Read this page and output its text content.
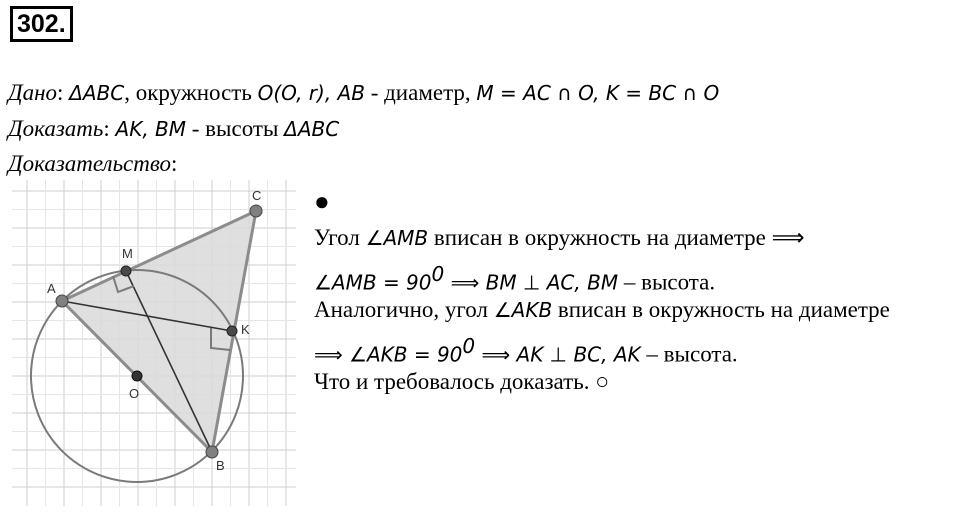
302.
Дано: ΔABC, окружность O(O, r), AB - диаметр, M = AC ∩ O, K = BC ∩ O
Доказать: AK, BM - высоты ΔABC
Доказательство:
C
M
A
K
O
B
●
Угол ∠AMB вписан в окружность на диаметре ⟹
∠AMB = $90^0$ ⟹ BM ⊥ AC, BM – высота.
Аналогично, угол ∠AKB вписан в окружность на диаметре
⟹ ∠AKB = $90^0$ ⟹ AK ⊥ BC, AK – высота.
Что и требовалось доказать. ○
